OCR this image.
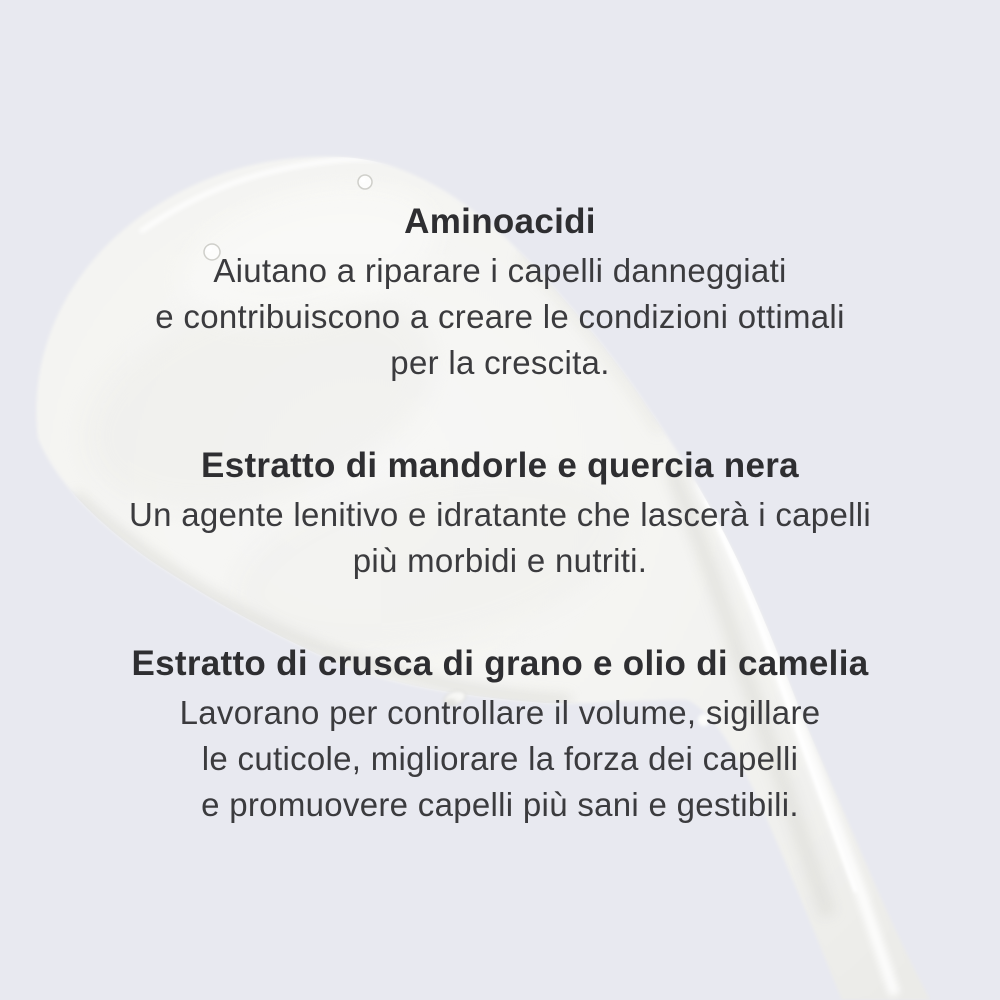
Aminoacidi

Aiutano a riparare i capelli danneggiati

e contribuiscono a creare le condizioni ottimali

per la crescita.

Estratto di mandorle e quercia nera

Un agente lenitivo e idratante che lascerà i capelli

più morbidi e nutriti.

Estratto di crusca di grano e olio di camelia

Lavorano per controllare il volume, sigillare

le cuticole, migliorare la forza dei capelli

e promuovere capelli più sani e gestibili.
